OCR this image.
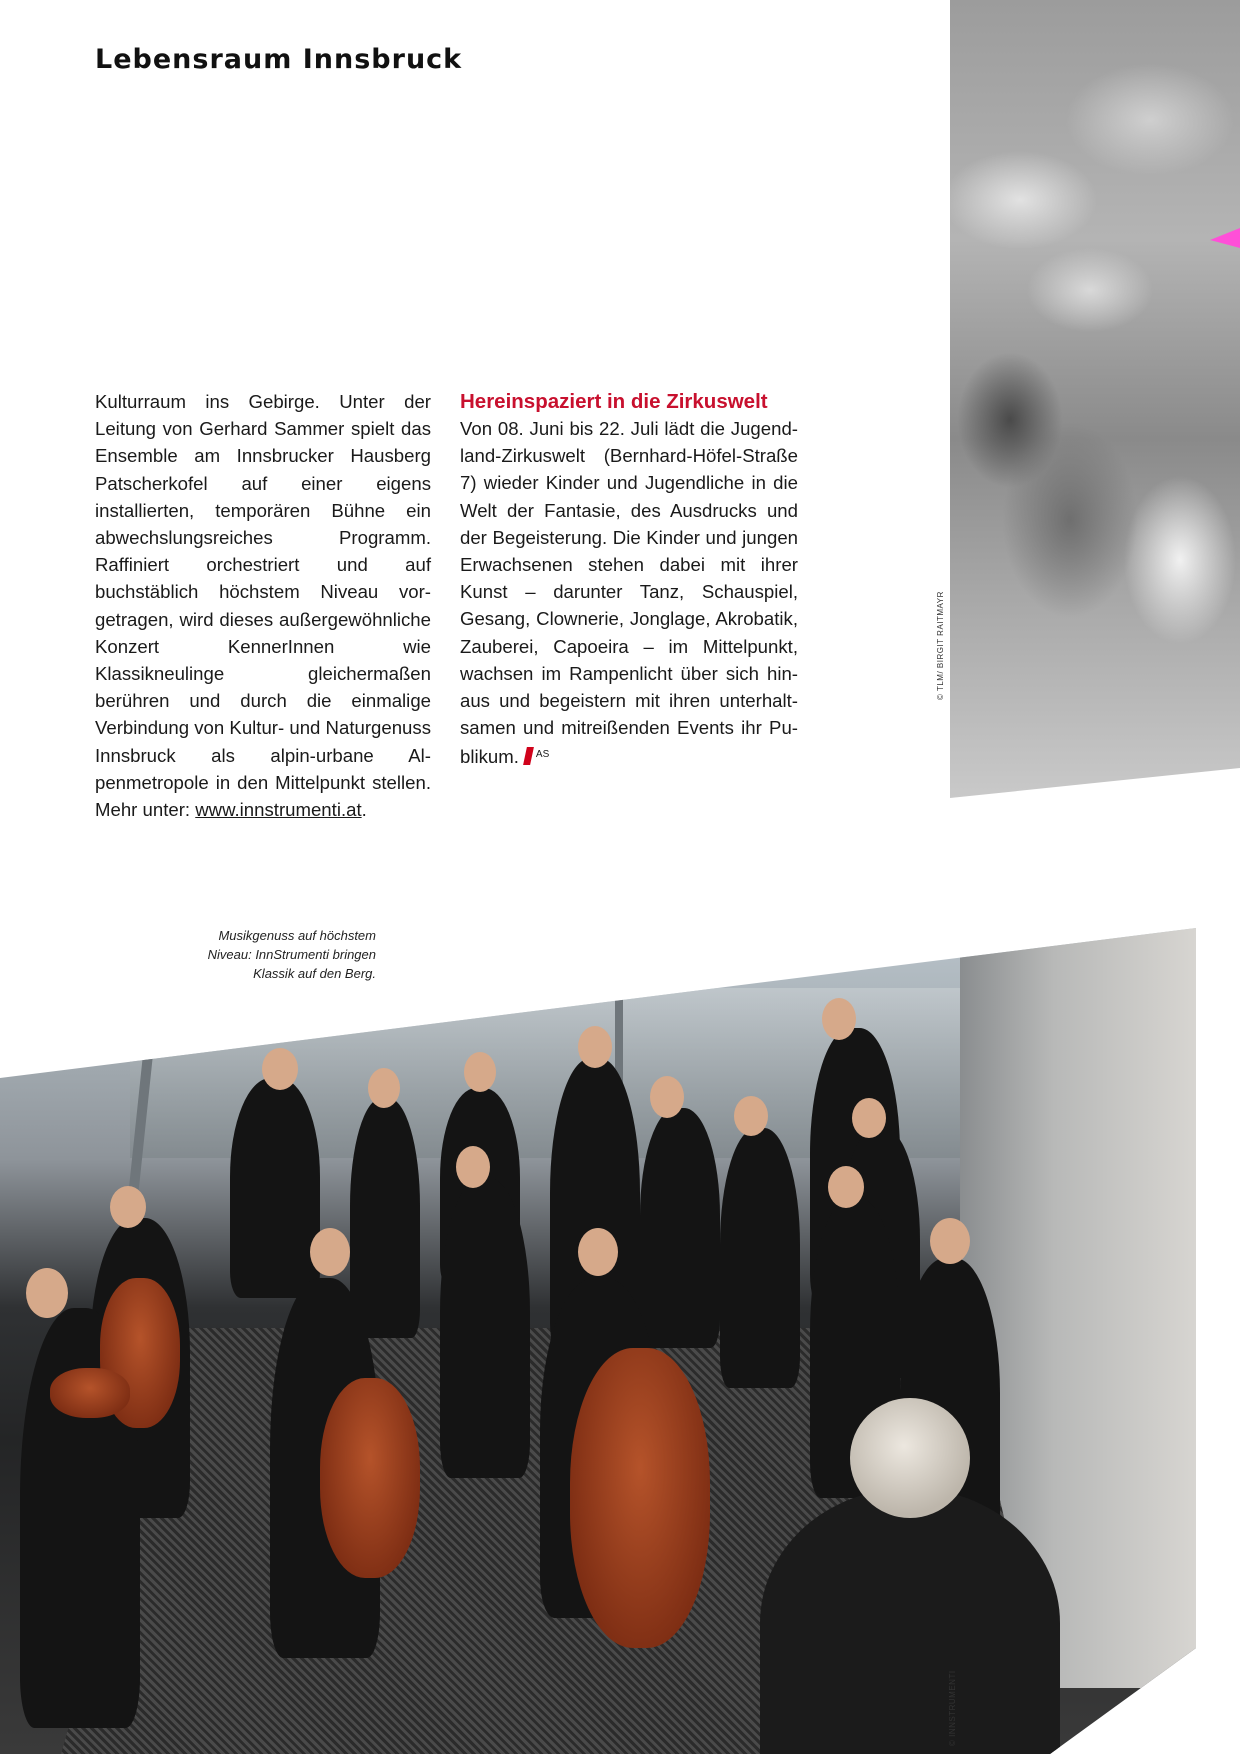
Lebensraum Innsbruck

Kulturraum ins Gebirge. Unter der Leitung von Gerhard Sammer spielt das Ensemble am Innsbrucker Hausberg Patscherkofel auf einer eigens installierten, temporären Bühne ein abwechslungsreiches Programm. Raffiniert orchestriert und auf buchstäblich höchstem Niveau vorgetragen, wird dieses außergewöhnliche Konzert KennerInnen wie Klassikneulinge gleichermaßen berühren und durch die einmalige Verbindung von Kultur- und Naturgenuss Innsbruck als alpin-urbane Alpenmetropole in den Mittelpunkt stellen. Mehr unter: www.innstrumenti.at.

Hereinspaziert in die Zirkuswelt

Von 08. Juni bis 22. Juli lädt die Jugendland-Zirkuswelt (Bernhard-Höfel-Straße 7) wieder Kinder und Jugendliche in die Welt der Fantasie, des Ausdrucks und der Begeisterung. Die Kinder und jungen Erwachsenen stehen dabei mit ihrer Kunst – darunter Tanz, Schauspiel, Gesang, Clownerie, Jonglage, Akrobatik, Zauberei, Capoeira – im Mittelpunkt, wachsen im Rampenlicht über sich hinaus und begeistern mit ihren unterhaltsamen und mitreißenden Events ihr Publikum. $^{AS}$

© TLM/ BIRGIT RAITMAYR
Musikgenuss auf höchstem
Niveau: InnStrumenti bringen
Klassik auf den Berg.
© INNSTRUMENTI
